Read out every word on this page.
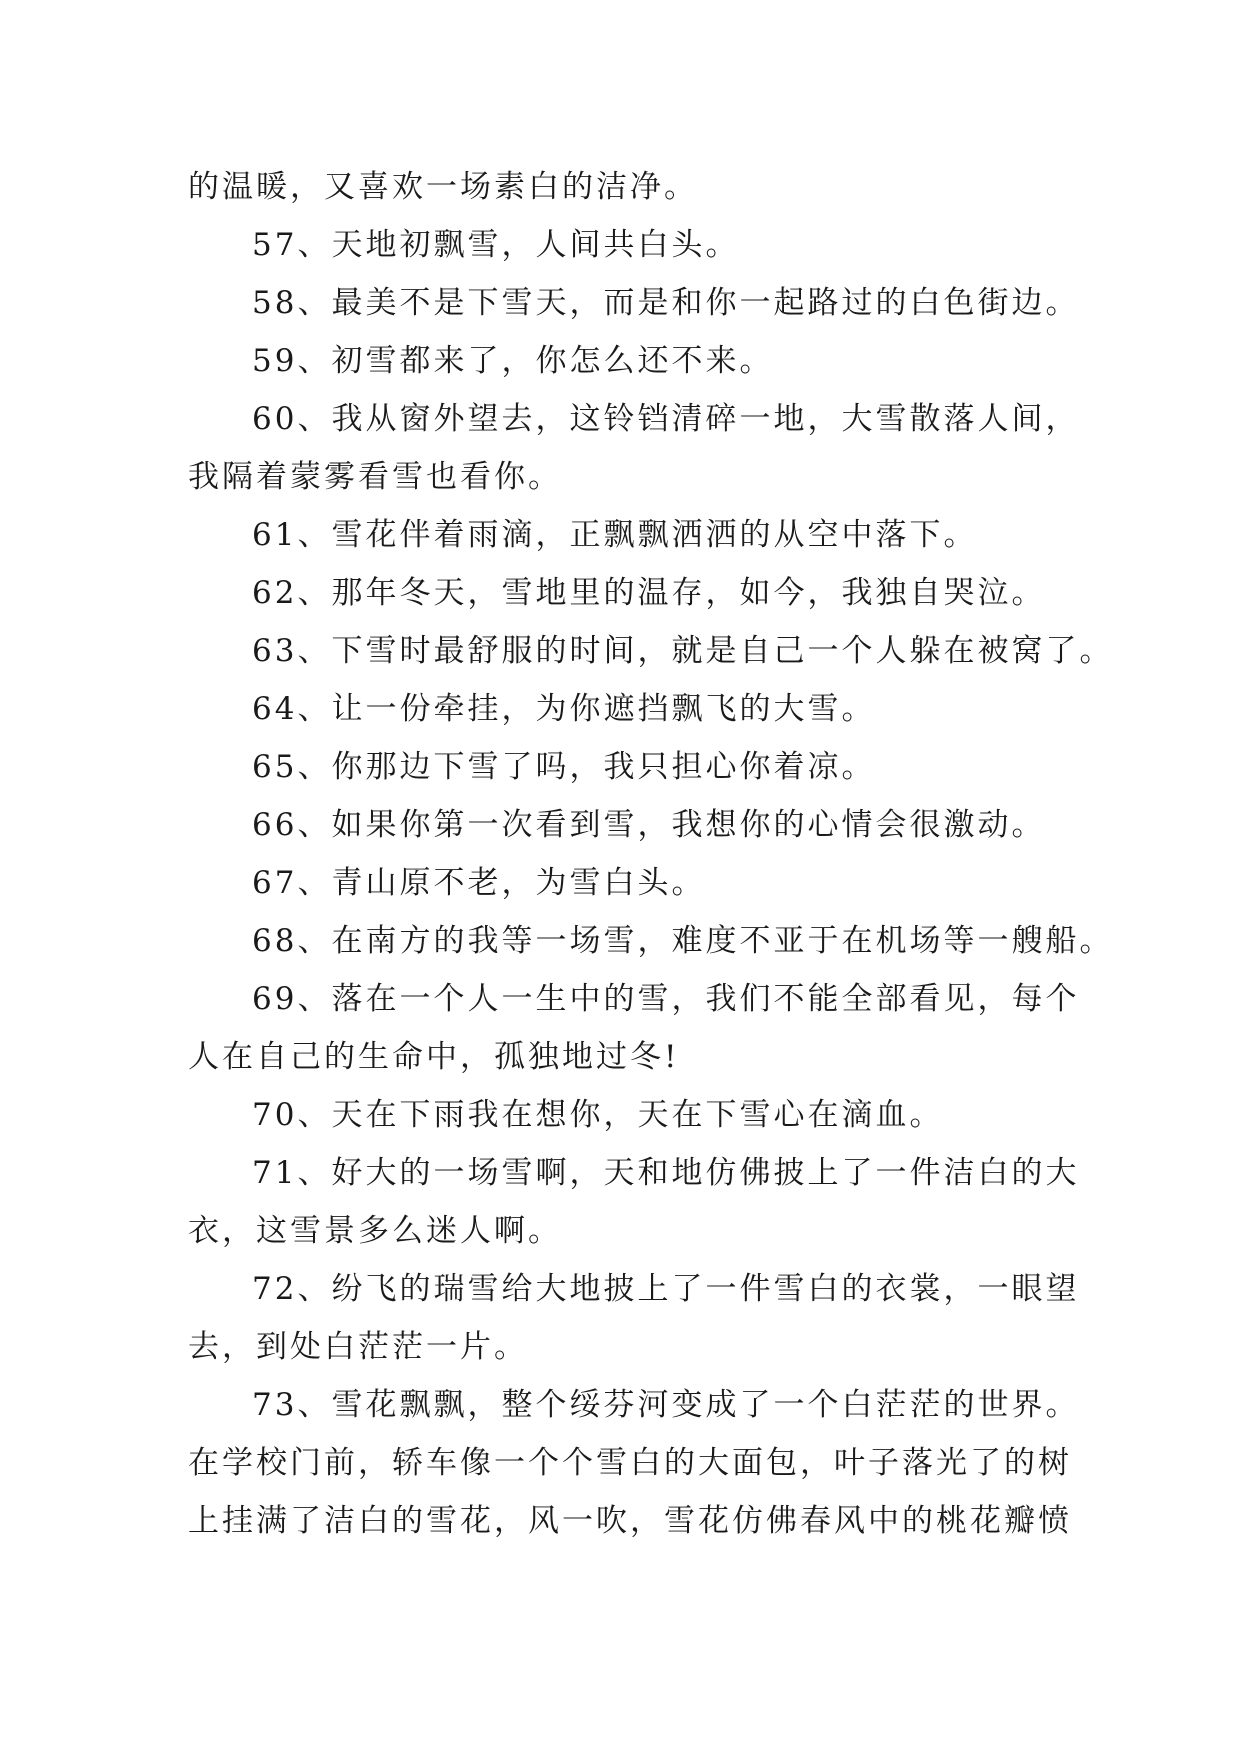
的温暖，又喜欢一场素白的洁净。
57、天地初飘雪，人间共白头。
58、最美不是下雪天，而是和你一起路过的白色街边。
59、初雪都来了，你怎么还不来。
60、我从窗外望去，这铃铛清碎一地，大雪散落人间，
我隔着蒙雾看雪也看你。
61、雪花伴着雨滴，正飘飘洒洒的从空中落下。
62、那年冬天，雪地里的温存，如今，我独自哭泣。
63、下雪时最舒服的时间，就是自己一个人躲在被窝了。
64、让一份牵挂，为你遮挡飘飞的大雪。
65、你那边下雪了吗，我只担心你着凉。
66、如果你第一次看到雪，我想你的心情会很激动。
67、青山原不老，为雪白头。
68、在南方的我等一场雪，难度不亚于在机场等一艘船。
69、落在一个人一生中的雪，我们不能全部看见，每个
人在自己的生命中，孤独地过冬!
70、天在下雨我在想你，天在下雪心在滴血。
71、好大的一场雪啊，天和地仿佛披上了一件洁白的大
衣，这雪景多么迷人啊。
72、纷飞的瑞雪给大地披上了一件雪白的衣裳，一眼望
去，到处白茫茫一片。
73、雪花飘飘，整个绥芬河变成了一个白茫茫的世界。
在学校门前，轿车像一个个雪白的大面包，叶子落光了的树
上挂满了洁白的雪花，风一吹，雪花仿佛春风中的桃花瓣愤
